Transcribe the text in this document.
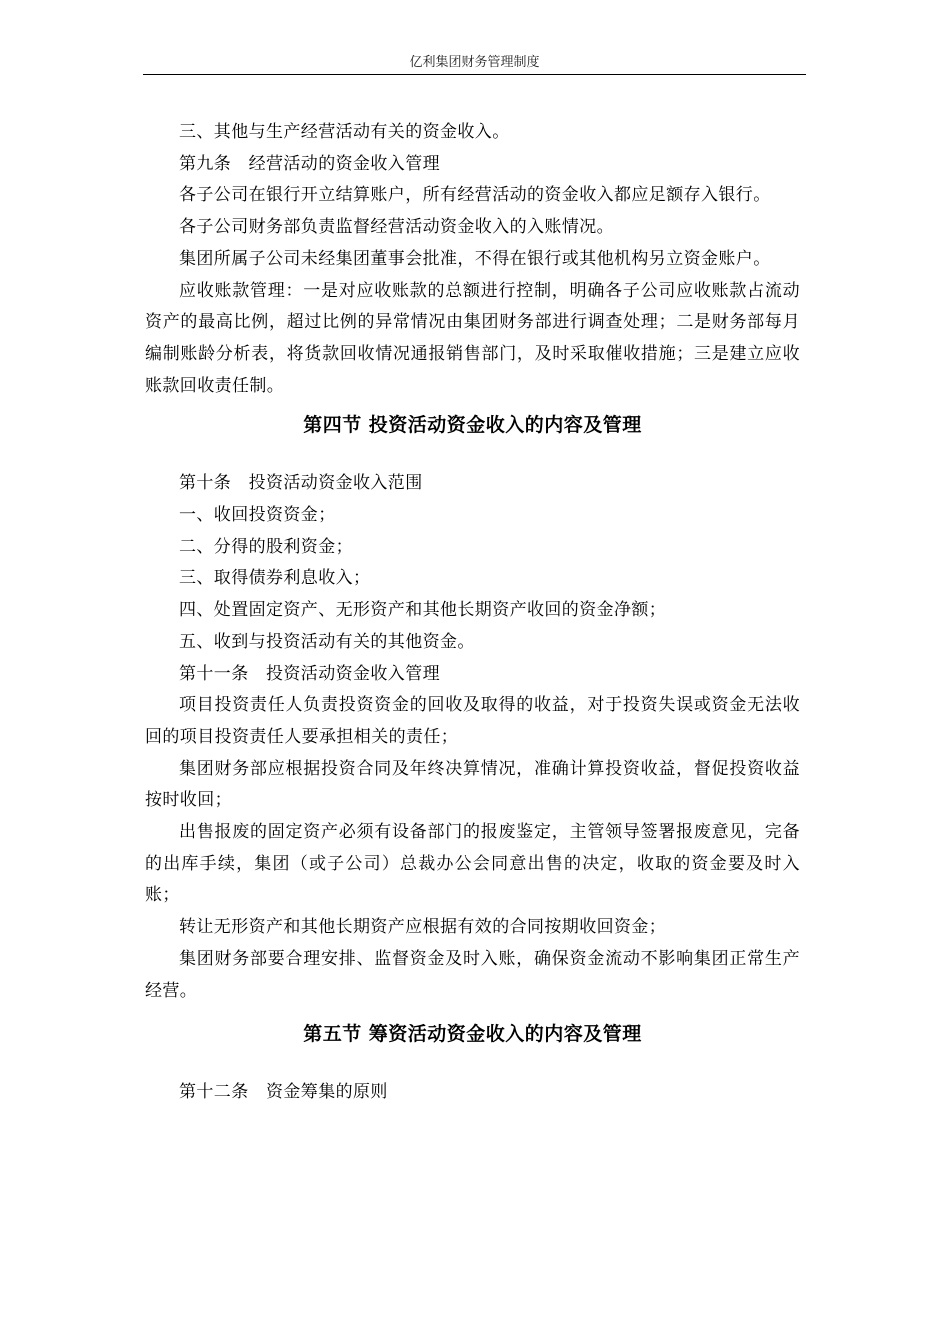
亿利集团财务管理制度

三、其他与生产经营活动有关的资金收入。

第九条　经营活动的资金收入管理

各子公司在银行开立结算账户，所有经营活动的资金收入都应足额存入银行。

各子公司财务部负责监督经营活动资金收入的入账情况。

集团所属子公司未经集团董事会批准，不得在银行或其他机构另立资金账户。

应收账款管理：一是对应收账款的总额进行控制，明确各子公司应收账款占流动资产的最高比例，超过比例的异常情况由集团财务部进行调查处理；二是财务部每月编制账龄分析表，将货款回收情况通报销售部门，及时采取催收措施；三是建立应收账款回收责任制。

第四节 投资活动资金收入的内容及管理

第十条　投资活动资金收入范围

一、收回投资资金；

二、分得的股利资金；

三、取得债券利息收入；

四、处置固定资产、无形资产和其他长期资产收回的资金净额；

五、收到与投资活动有关的其他资金。

第十一条　投资活动资金收入管理

项目投资责任人负责投资资金的回收及取得的收益，对于投资失误或资金无法收回的项目投资责任人要承担相关的责任；

集团财务部应根据投资合同及年终决算情况，准确计算投资收益，督促投资收益按时收回；

出售报废的固定资产必须有设备部门的报废鉴定，主管领导签署报废意见，完备的出库手续，集团（或子公司）总裁办公会同意出售的决定，收取的资金要及时入账；

转让无形资产和其他长期资产应根据有效的合同按期收回资金；

集团财务部要合理安排、监督资金及时入账，确保资金流动不影响集团正常生产经营。

第五节 筹资活动资金收入的内容及管理

第十二条　资金筹集的原则
